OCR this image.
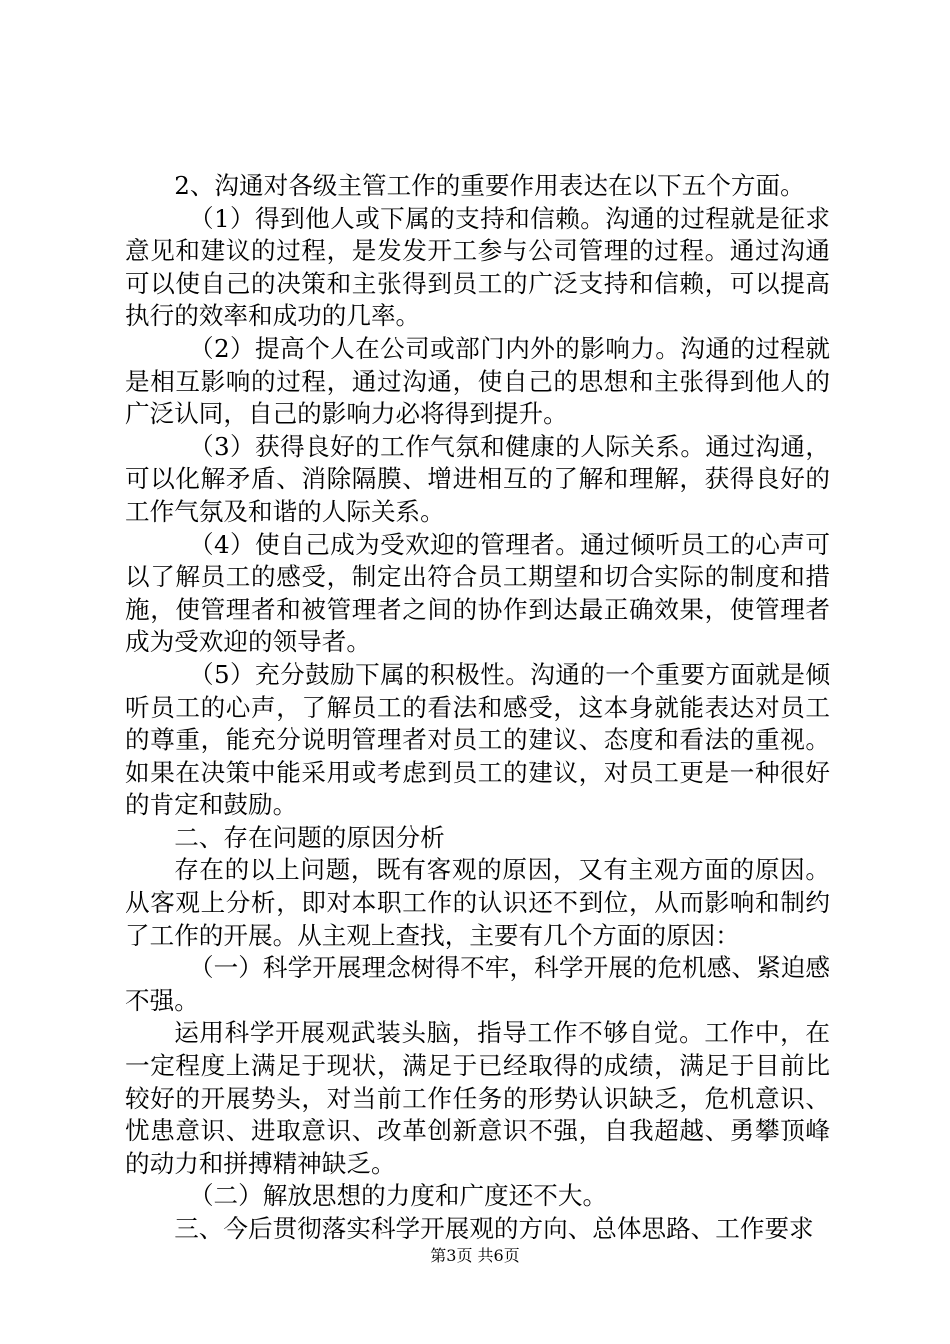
2、沟通对各级主管工作的重要作用表达在以下五个方面。

（1）得到他人或下属的支持和信赖。沟通的过程就是征求意见和建议的过程，是发发开工参与公司管理的过程。通过沟通可以使自己的决策和主张得到员工的广泛支持和信赖，可以提高执行的效率和成功的几率。

（2）提高个人在公司或部门内外的影响力。沟通的过程就是相互影响的过程，通过沟通，使自己的思想和主张得到他人的广泛认同，自己的影响力必将得到提升。

（3）获得良好的工作气氛和健康的人际关系。通过沟通，可以化解矛盾、消除隔膜、增进相互的了解和理解，获得良好的工作气氛及和谐的人际关系。

（4）使自己成为受欢迎的管理者。通过倾听员工的心声可以了解员工的感受，制定出符合员工期望和切合实际的制度和措施，使管理者和被管理者之间的协作到达最正确效果，使管理者成为受欢迎的领导者。

（5）充分鼓励下属的积极性。沟通的一个重要方面就是倾听员工的心声，了解员工的看法和感受，这本身就能表达对员工的尊重，能充分说明管理者对员工的建议、态度和看法的重视。如果在决策中能采用或考虑到员工的建议，对员工更是一种很好的肯定和鼓励。

二、存在问题的原因分析

存在的以上问题，既有客观的原因，又有主观方面的原因。从客观上分析，即对本职工作的认识还不到位，从而影响和制约了工作的开展。从主观上查找，主要有几个方面的原因：

（一）科学开展理念树得不牢，科学开展的危机感、紧迫感不强。

运用科学开展观武装头脑，指导工作不够自觉。工作中，在一定程度上满足于现状，满足于已经取得的成绩，满足于目前比较好的开展势头，对当前工作任务的形势认识缺乏，危机意识、忧患意识、进取意识、改革创新意识不强，自我超越、勇攀顶峰的动力和拼搏精神缺乏。

（二）解放思想的力度和广度还不大。

三、今后贯彻落实科学开展观的方向、总体思路、工作要求

第3页 共6页
